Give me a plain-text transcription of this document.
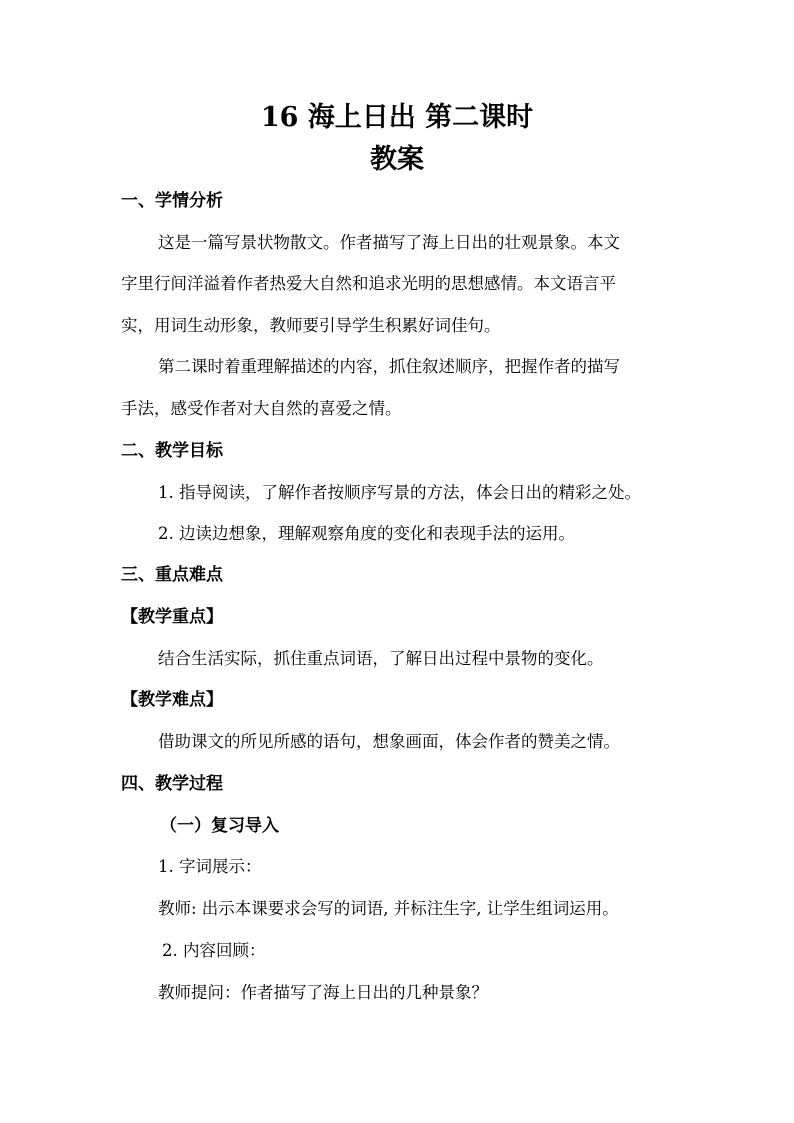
16 海上日出 第二课时
教案
一、学情分析
这是一篇写景状物散文。作者描写了海上日出的壮观景象。本文
字里行间洋溢着作者热爱大自然和追求光明的思想感情。本文语言平
实，用词生动形象，教师要引导学生积累好词佳句。
第二课时着重理解描述的内容，抓住叙述顺序，把握作者的描写
手法，感受作者对大自然的喜爱之情。
二、教学目标
1. 指导阅读，了解作者按顺序写景的方法，体会日出的精彩之处。
2. 边读边想象，理解观察角度的变化和表现手法的运用。
三、重点难点
【教学重点】
结合生活实际，抓住重点词语，了解日出过程中景物的变化。
【教学难点】
借助课文的所见所感的语句，想象画面，体会作者的赞美之情。
四、教学过程
（一）复习导入
1. 字词展示：
教师: 出示本课要求会写的词语, 并标注生字, 让学生组词运用。
2. 内容回顾：
教师提问：作者描写了海上日出的几种景象？
